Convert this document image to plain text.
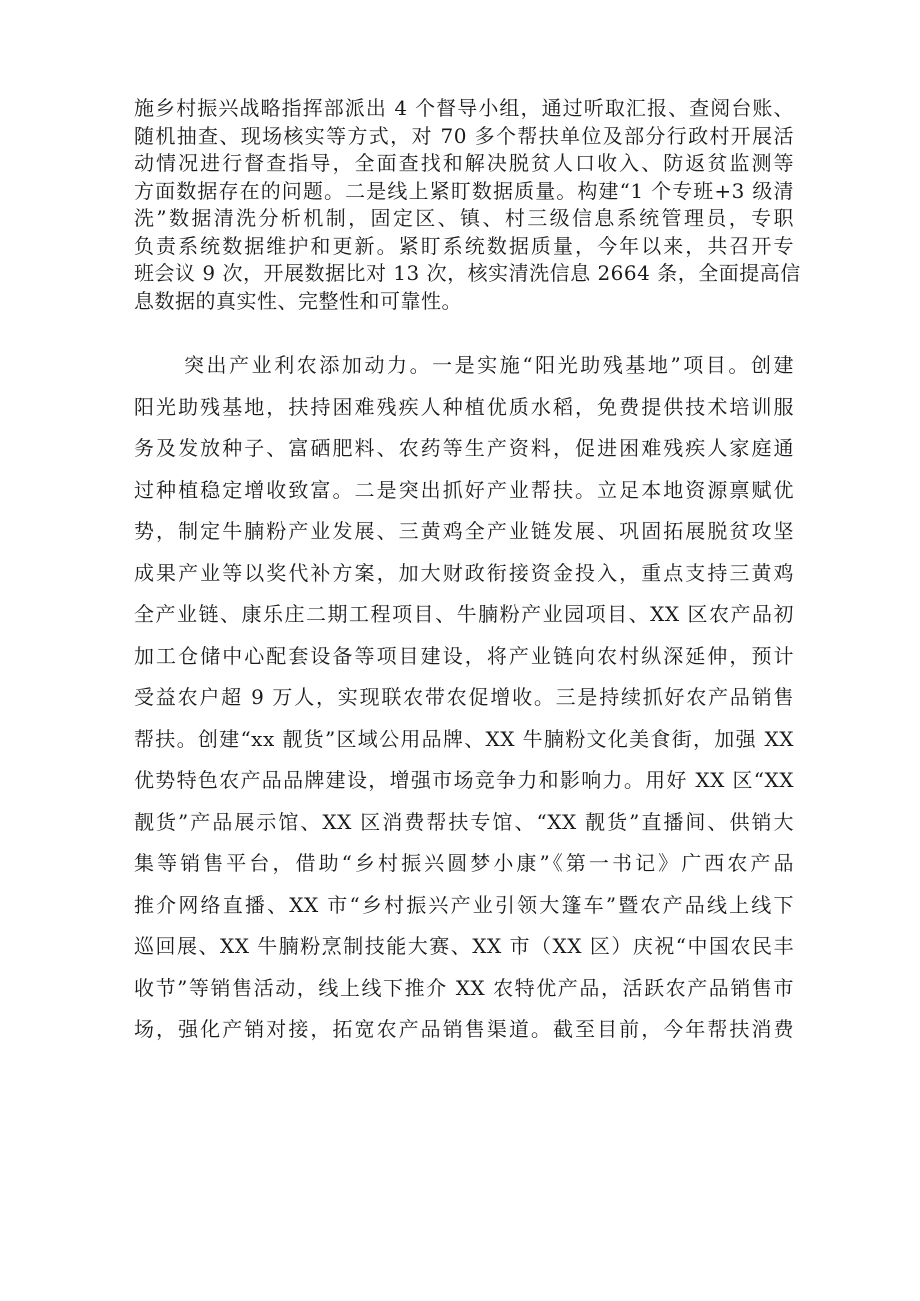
施乡村振兴战略指挥部派出 4 个督导小组，通过听取汇报、查阅台账、
随机抽查、现场核实等方式，对 70 多个帮扶单位及部分行政村开展活
动情况进行督查指导，全面查找和解决脱贫人口收入、防返贫监测等
方面数据存在的问题。二是线上紧盯数据质量。构建“1 个专班+3 级清
洗”数据清洗分析机制，固定区、镇、村三级信息系统管理员，专职
负责系统数据维护和更新。紧盯系统数据质量，今年以来，共召开专
班会议 9 次，开展数据比对 13 次，核实清洗信息 2664 条，全面提高信
息数据的真实性、完整性和可靠性。
突出产业利农添加动力。一是实施“阳光助残基地”项目。创建
阳光助残基地，扶持困难残疾人种植优质水稻，免费提供技术培训服
务及发放种子、富硒肥料、农药等生产资料，促进困难残疾人家庭通
过种植稳定增收致富。二是突出抓好产业帮扶。立足本地资源禀赋优
势，制定牛腩粉产业发展、三黄鸡全产业链发展、巩固拓展脱贫攻坚
成果产业等以奖代补方案，加大财政衔接资金投入，重点支持三黄鸡
全产业链、康乐庄二期工程项目、牛腩粉产业园项目、XX 区农产品初
加工仓储中心配套设备等项目建设，将产业链向农村纵深延伸，预计
受益农户超 9 万人，实现联农带农促增收。三是持续抓好农产品销售
帮扶。创建“xx 靓货”区域公用品牌、XX 牛腩粉文化美食街，加强 XX
优势特色农产品品牌建设，增强市场竞争力和影响力。用好 XX 区“XX
靓货”产品展示馆、XX 区消费帮扶专馆、“XX 靓货”直播间、供销大
集等销售平台，借助“乡村振兴圆梦小康”《第一书记》广西农产品
推介网络直播、XX 市“乡村振兴产业引领大篷车”暨农产品线上线下
巡回展、XX 牛腩粉烹制技能大赛、XX 市（XX 区）庆祝“中国农民丰
收节”等销售活动，线上线下推介 XX 农特优产品，活跃农产品销售市
场，强化产销对接，拓宽农产品销售渠道。截至目前，今年帮扶消费
